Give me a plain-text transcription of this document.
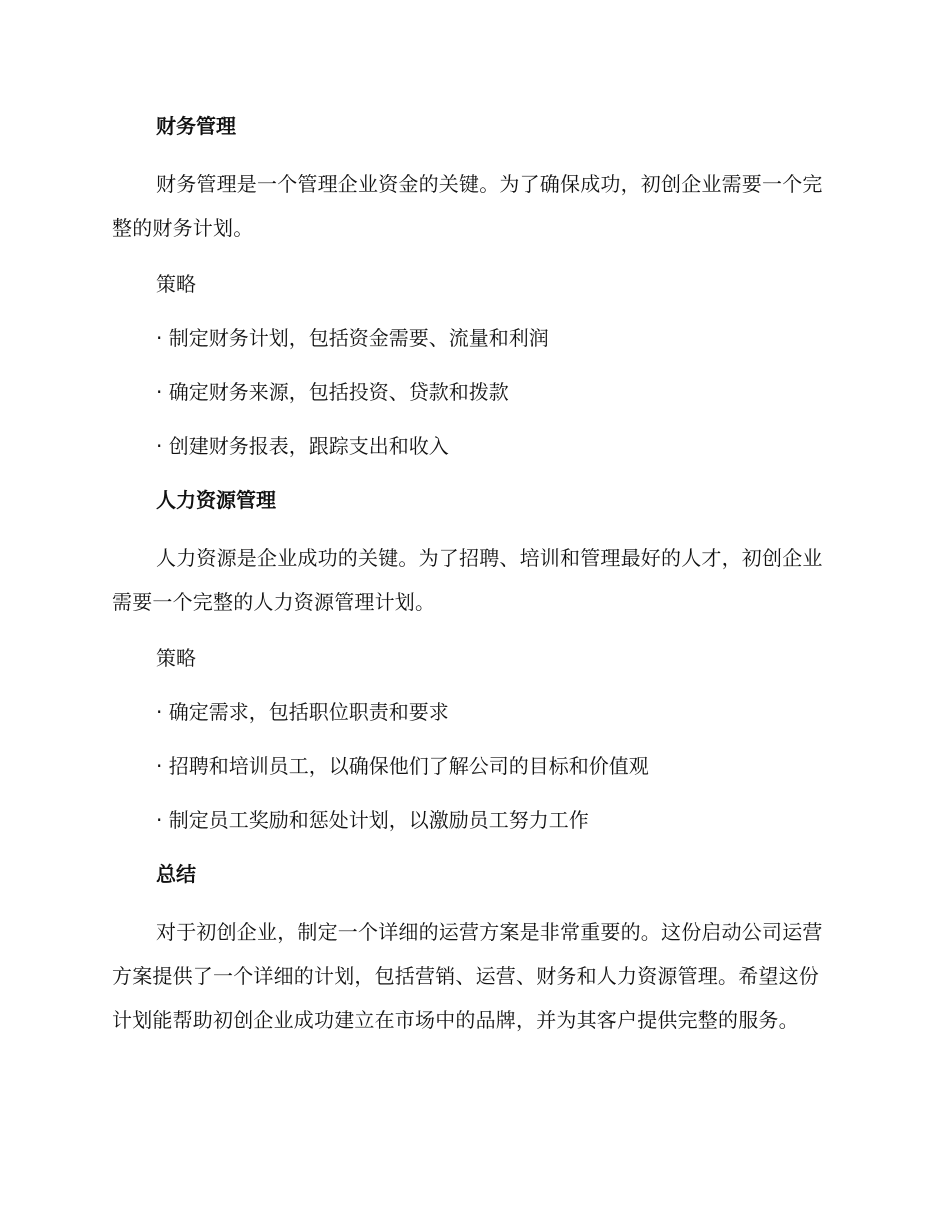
财务管理

财务管理是一个管理企业资金的关键。为了确保成功，初创企业需要一个完整的财务计划。

策略

· 制定财务计划，包括资金需要、流量和利润

· 确定财务来源，包括投资、贷款和拨款

· 创建财务报表，跟踪支出和收入

人力资源管理

人力资源是企业成功的关键。为了招聘、培训和管理最好的人才，初创企业需要一个完整的人力资源管理计划。

策略

· 确定需求，包括职位职责和要求

· 招聘和培训员工，以确保他们了解公司的目标和价值观

· 制定员工奖励和惩处计划，以激励员工努力工作

总结

对于初创企业，制定一个详细的运营方案是非常重要的。这份启动公司运营方案提供了一个详细的计划，包括营销、运营、财务和人力资源管理。希望这份计划能帮助初创企业成功建立在市场中的品牌，并为其客户提供完整的服务。
